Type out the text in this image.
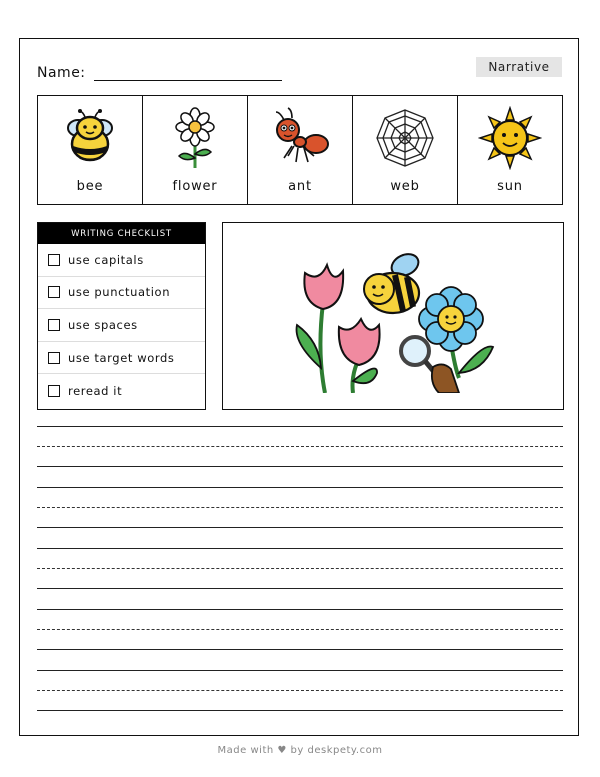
Name:	Narrative
bee	flower	ant	web	sun
WRITING CHECKLIST
use capitals
use punctuation
use spaces
use target words
reread it
Made with ♥ by deskpety.com
